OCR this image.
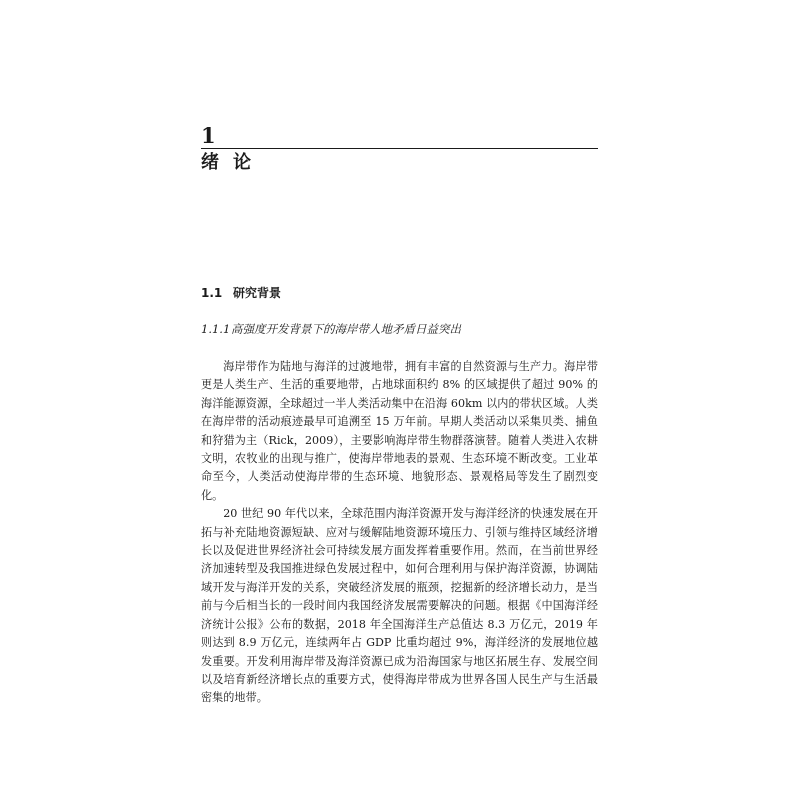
1
绪论
1.1 研究背景
1.1.1高强度开发背景下的海岸带人地矛盾日益突出

海岸带作为陆地与海洋的过渡地带，拥有丰富的自然资源与生产力。海岸带更是人类生产、生活的重要地带，占地球面积约 8% 的区域提供了超过 90% 的海洋能源资源，全球超过一半人类活动集中在沿海 60km 以内的带状区域。人类在海岸带的活动痕迹最早可追溯至 15 万年前。早期人类活动以采集贝类、捕鱼和狩猎为主（Rick，2009），主要影响海岸带生物群落演替。随着人类进入农耕文明，农牧业的出现与推广，使海岸带地表的景观、生态环境不断改变。工业革命至今，人类活动使海岸带的生态环境、地貌形态、景观格局等发生了剧烈变化。

20 世纪 90 年代以来，全球范围内海洋资源开发与海洋经济的快速发展在开拓与补充陆地资源短缺、应对与缓解陆地资源环境压力、引领与维持区域经济增长以及促进世界经济社会可持续发展方面发挥着重要作用。然而，在当前世界经济加速转型及我国推进绿色发展过程中，如何合理利用与保护海洋资源，协调陆域开发与海洋开发的关系，突破经济发展的瓶颈，挖掘新的经济增长动力，是当前与今后相当长的一段时间内我国经济发展需要解决的问题。根据《中国海洋经济统计公报》公布的数据，2018 年全国海洋生产总值达 8.3 万亿元，2019 年则达到 8.9 万亿元，连续两年占 GDP 比重均超过 9%，海洋经济的发展地位越发重要。开发利用海岸带及海洋资源已成为沿海国家与地区拓展生存、发展空间以及培育新经济增长点的重要方式，使得海岸带成为世界各国人民生产与生活最密集的地带。
